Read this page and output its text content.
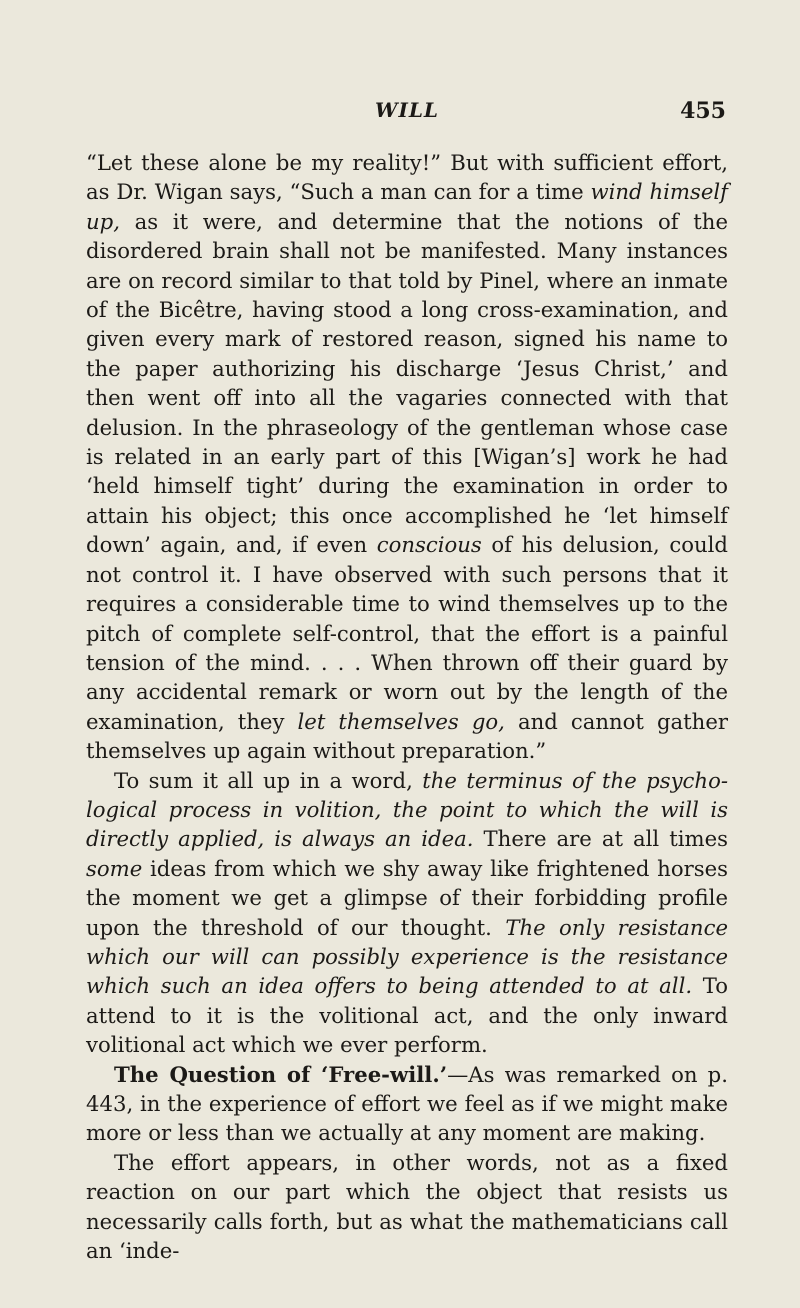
WILL	455

“Let these alone be my reality!” But with sufficient effort, as Dr. Wigan says, “Such a man can for a time wind himself up, as it were, and determine that the notions of the disordered brain shall not be manifested. Many instances are on record similar to that told by Pinel, where an inmate of the Bicêtre, having stood a long cross-examination, and given every mark of restored reason, signed his name to the paper authorizing his discharge ‘Jesus Christ,’ and then went off into all the vagaries connected with that delusion. In the phraseology of the gentleman whose case is related in an early part of this [Wigan’s] work he had ‘held himself tight’ during the examination in order to attain his object; this once accomplished he ‘let himself down’ again, and, if even conscious of his delusion, could not control it. I have observed with such persons that it requires a considerable time to wind themselves up to the pitch of complete self-control, that the effort is a painful tension of the mind. . . . When thrown off their guard by any accidental remark or worn out by the length of the examination, they let themselves go, and cannot gather themselves up again without preparation.”

To sum it all up in a word, the terminus of the psycho-logical process in volition, the point to which the will is directly applied, is always an idea. There are at all times some ideas from which we shy away like frightened horses the moment we get a glimpse of their forbidding profile upon the threshold of our thought. The only resistance which our will can possibly experience is the resistance which such an idea offers to being attended to at all. To attend to it is the volitional act, and the only inward volitional act which we ever perform.

The Question of ‘Free-will.’—As was remarked on p. 443, in the experience of effort we feel as if we might make more or less than we actually at any moment are making.

The effort appears, in other words, not as a fixed reaction on our part which the object that resists us necessarily calls forth, but as what the mathematicians call an ‘inde-
